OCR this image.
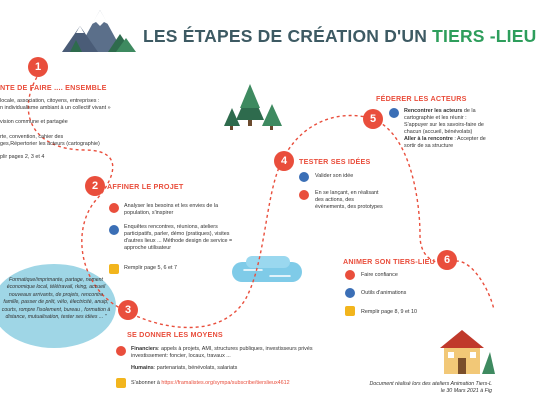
LES ÉTAPES DE CRÉATION D'UN TIERS -LIEU
1
NTE DE FAIRE .... ENSEMBLE
locale, association, citoyens, entreprises :
n individualisme ambiant à un collectif vivant »
vision commune et partagée
rte, convention, cahier des
ges,Répertorier les acteurs (cartographie)
plir pages 2, 3 et 4
2	AFFINER LE PROJET
Analyser les besoins et les envies de la population, s'inspirer
Enquêtes rencontres, réunions, ateliers participatifs, parler, démo (pratiques), visites d'autres lieux ... Méthode design de service = approche utilisateur
Remplir page 5, 6 et 7
3
SE DONNER LES MOYENS
Financiers: appels à projets, AMI, structures publiques, investisseurs privés investissement: foncier, locaux, travaux ...
Humains: partenariats, bénévolats, salariats
S'abonner à https://framalistes.org/sympa/subscribe/tierslieux4612
4	TESTER SES IDÉES
Valider son idée
En se lançant, en réalisant des actions, des évènements, des prototypes
5
FÉDERER LES ACTEURS
Rencontrer les acteurs de la cartographie et les réunir :
S'appuyer sur les savoirs-faire de chacun (accueil, bénévolats)
Aller à la rencontre : Accepter de sortir de sa structure
6
ANIMER SON TIERS-LIEU
Faire confiance
Outils d'animations
Remplir page 8, 9 et 10
Formatique/imprimante, partage, nement économique local, télétravail, rking, accueil nouveaux arrivants, de projets, rencontre famille, passer de prêt, vélo, électricité, anuip, courts, rompre l'isolement, bureau , formation à distance, mutualisation, tester ses idées ... "
Document réalisé lors des ateliers Animation Tiers-L
le 30 Mars 2021 à Fig
